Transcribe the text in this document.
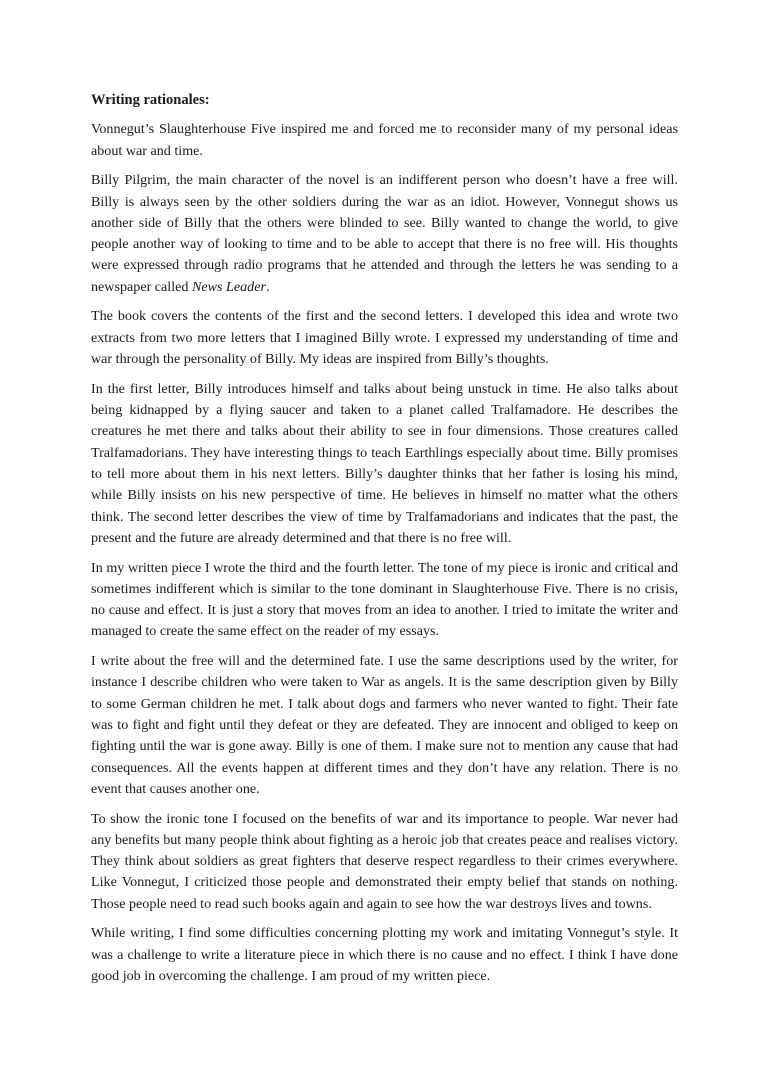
Writing rationales:

Vonnegut’s Slaughterhouse Five inspired me and forced me to reconsider many of my personal ideas about war and time.

Billy Pilgrim, the main character of the novel is an indifferent person who doesn’t have a free will. Billy is always seen by the other soldiers during the war as an idiot. However, Vonnegut shows us another side of Billy that the others were blinded to see. Billy wanted to change the world, to give people another way of looking to time and to be able to accept that there is no free will. His thoughts were expressed through radio programs that he attended and through the letters he was sending to a newspaper called News Leader.

The book covers the contents of the first and the second letters. I developed this idea and wrote two extracts from two more letters that I imagined Billy wrote. I expressed my understanding of time and war through the personality of Billy. My ideas are inspired from Billy’s thoughts.

In the first letter, Billy introduces himself and talks about being unstuck in time. He also talks about being kidnapped by a flying saucer and taken to a planet called Tralfamadore. He describes the creatures he met there and talks about their ability to see in four dimensions. Those creatures called Tralfamadorians. They have interesting things to teach Earthlings especially about time. Billy promises to tell more about them in his next letters. Billy’s daughter thinks that her father is losing his mind, while Billy insists on his new perspective of time. He believes in himself no matter what the others think. The second letter describes the view of time by Tralfamadorians and indicates that the past, the present and the future are already determined and that there is no free will.

In my written piece I wrote the third and the fourth letter. The tone of my piece is ironic and critical and sometimes indifferent which is similar to the tone dominant in Slaughterhouse Five. There is no crisis, no cause and effect. It is just a story that moves from an idea to another. I tried to imitate the writer and managed to create the same effect on the reader of my essays.

I write about the free will and the determined fate. I use the same descriptions used by the writer, for instance I describe children who were taken to War as angels. It is the same description given by Billy to some German children he met. I talk about dogs and farmers who never wanted to fight. Their fate was to fight and fight until they defeat or they are defeated. They are innocent and obliged to keep on fighting until the war is gone away. Billy is one of them. I make sure not to mention any cause that had consequences. All the events happen at different times and they don’t have any relation. There is no event that causes another one.

To show the ironic tone I focused on the benefits of war and its importance to people. War never had any benefits but many people think about fighting as a heroic job that creates peace and realises victory. They think about soldiers as great fighters that deserve respect regardless to their crimes everywhere. Like Vonnegut, I criticized those people and demonstrated their empty belief that stands on nothing. Those people need to read such books again and again to see how the war destroys lives and towns.

While writing, I find some difficulties concerning plotting my work and imitating Vonnegut’s style. It was a challenge to write a literature piece in which there is no cause and no effect. I think I have done good job in overcoming the challenge. I am proud of my written piece.
